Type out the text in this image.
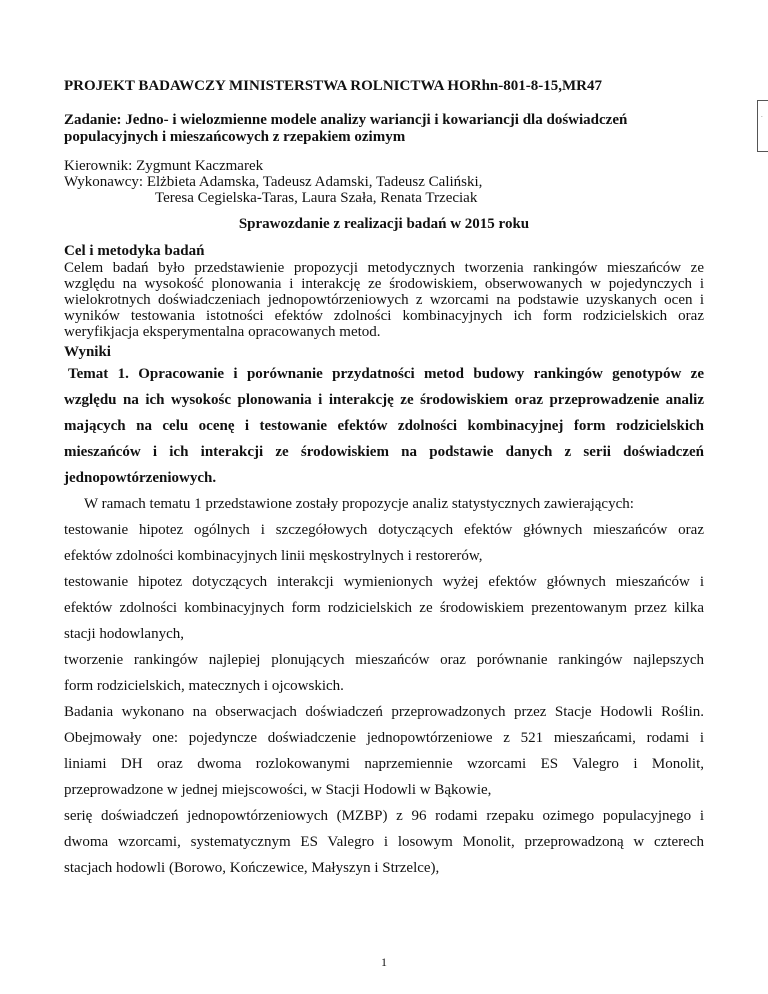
.
PROJEKT BADAWCZY MINISTERSTWA ROLNICTWA HORhn-801-8-15,MR47
Zadanie: Jedno- i wielozmienne modele analizy wariancji i kowariancji dla doświadczeń
populacyjnych i mieszańcowych z rzepakiem ozimym
Kierownik: Zygmunt Kaczmarek
Wykonawcy: Elżbieta Adamska, Tadeusz Adamski, Tadeusz Caliński,
Teresa Cegielska-Taras, Laura Szała, Renata Trzeciak
Sprawozdanie z realizacji badań w 2015 roku
Cel i metodyka badań
Celem badań było przedstawienie propozycji metodycznych tworzenia rankingów mieszańców ze
względu na wysokość plonowania i interakcję ze środowiskiem, obserwowanych w pojedynczych i
wielokrotnych doświadczeniach jednopowtórzeniowych z wzorcami na podstawie uzyskanych ocen i
wyników testowania istotności efektów zdolności kombinacyjnych ich form rodzicielskich oraz
weryfikjacja eksperymentalna opracowanych metod.
Wyniki
Temat 1. Opracowanie i porównanie przydatności metod budowy rankingów genotypów ze
względu na ich wysokośc plonowania i interakcję ze środowiskiem oraz przeprowadzenie analiz
mających na celu ocenę i testowanie efektów zdolności kombinacyjnej form rodzicielskich
mieszańców i ich interakcji ze środowiskiem na podstawie danych z serii doświadczeń
jednopowtórzeniowych.
W ramach tematu 1 przedstawione zostały propozycje analiz statystycznych zawierających:
testowanie hipotez ogólnych i szczegółowych dotyczących efektów głównych mieszańców oraz
efektów zdolności kombinacyjnych linii męskostrylnych i restorerów,
testowanie hipotez dotyczących interakcji wymienionych wyżej efektów głównych mieszańców i
efektów zdolności kombinacyjnych form rodzicielskich ze środowiskiem prezentowanym przez kilka
stacji hodowlanych,
tworzenie rankingów najlepiej plonujących mieszańców oraz porównanie rankingów najlepszych
form rodzicielskich, matecznych i ojcowskich.
Badania wykonano na obserwacjach doświadczeń przeprowadzonych przez Stacje Hodowli Roślin.
Obejmowały one: pojedyncze doświadczenie jednopowtórzeniowe z 521 mieszańcami, rodami i
liniami DH oraz dwoma rozlokowanymi naprzemiennie wzorcami ES Valegro i Monolit,
przeprowadzone w jednej miejscowości, w Stacji Hodowli w Bąkowie,
serię doświadczeń jednopowtórzeniowych (MZBP) z 96 rodami rzepaku ozimego populacyjnego i
dwoma wzorcami, systematycznym ES Valegro i losowym Monolit, przeprowadzoną w czterech
stacjach hodowli (Borowo, Kończewice, Małyszyn i Strzelce),
1
